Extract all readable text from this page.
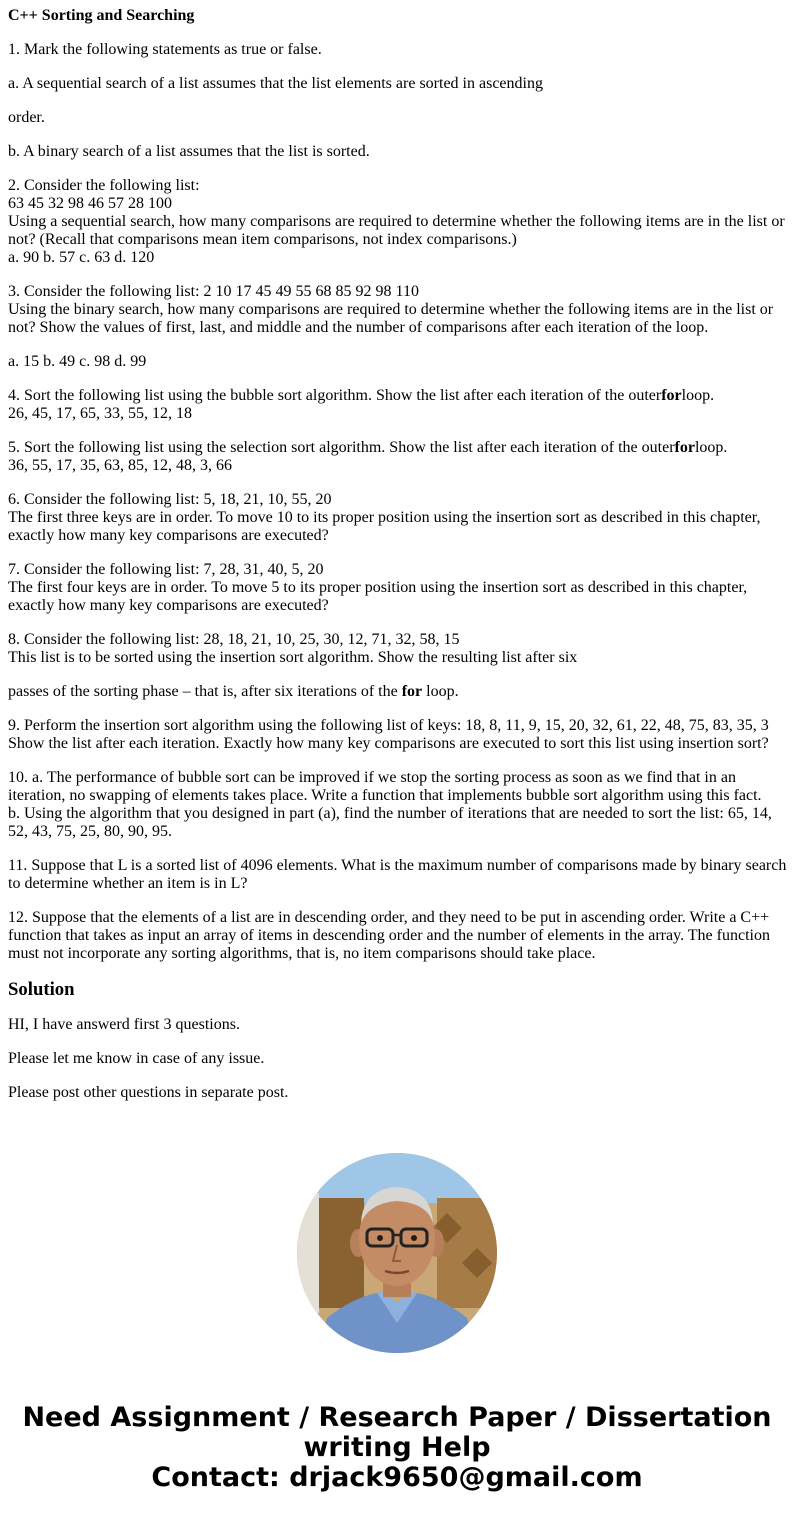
C++ Sorting and Searching

1. Mark the following statements as true or false.

a. A sequential search of a list assumes that the list elements are sorted in ascending

order.

b. A binary search of a list assumes that the list is sorted.

2. Consider the following list:
63 45 32 98 46 57 28 100
Using a sequential search, how many comparisons are required to determine whether the following items are in the list or not? (Recall that comparisons mean item comparisons, not index comparisons.)
a. 90 b. 57 c. 63 d. 120

3. Consider the following list: 2 10 17 45 49 55 68 85 92 98 110
Using the binary search, how many comparisons are required to determine whether the following items are in the list or not? Show the values of first, last, and middle and the number of comparisons after each iteration of the loop.

a. 15 b. 49 c. 98 d. 99

4. Sort the following list using the bubble sort algorithm. Show the list after each iteration of the outerforloop.
26, 45, 17, 65, 33, 55, 12, 18

5. Sort the following list using the selection sort algorithm. Show the list after each iteration of the outerforloop.
36, 55, 17, 35, 63, 85, 12, 48, 3, 66

6. Consider the following list: 5, 18, 21, 10, 55, 20
The first three keys are in order. To move 10 to its proper position using the insertion sort as described in this chapter, exactly how many key comparisons are executed?

7. Consider the following list: 7, 28, 31, 40, 5, 20
The first four keys are in order. To move 5 to its proper position using the insertion sort as described in this chapter, exactly how many key comparisons are executed?

8. Consider the following list: 28, 18, 21, 10, 25, 30, 12, 71, 32, 58, 15
This list is to be sorted using the insertion sort algorithm. Show the resulting list after six

passes of the sorting phase – that is, after six iterations of the for loop.

9. Perform the insertion sort algorithm using the following list of keys: 18, 8, 11, 9, 15, 20, 32, 61, 22, 48, 75, 83, 35, 3
Show the list after each iteration. Exactly how many key comparisons are executed to sort this list using insertion sort?

10. a. The performance of bubble sort can be improved if we stop the sorting process as soon as we find that in an iteration, no swapping of elements takes place. Write a function that implements bubble sort algorithm using this fact.
b. Using the algorithm that you designed in part (a), find the number of iterations that are needed to sort the list: 65, 14, 52, 43, 75, 25, 80, 90, 95.

11. Suppose that L is a sorted list of 4096 elements. What is the maximum number of comparisons made by binary search to determine whether an item is in L?

12. Suppose that the elements of a list are in descending order, and they need to be put in ascending order. Write a C++ function that takes as input an array of items in descending order and the number of elements in the array. The function must not incorporate any sorting algorithms, that is, no item comparisons should take place.

Solution

HI, I have answerd first 3 questions.

Please let me know in case of any issue.

Please post other questions in separate post.

Need Assignment / Research Paper / Dissertation
writing Help
Contact: drjack9650@gmail.com
